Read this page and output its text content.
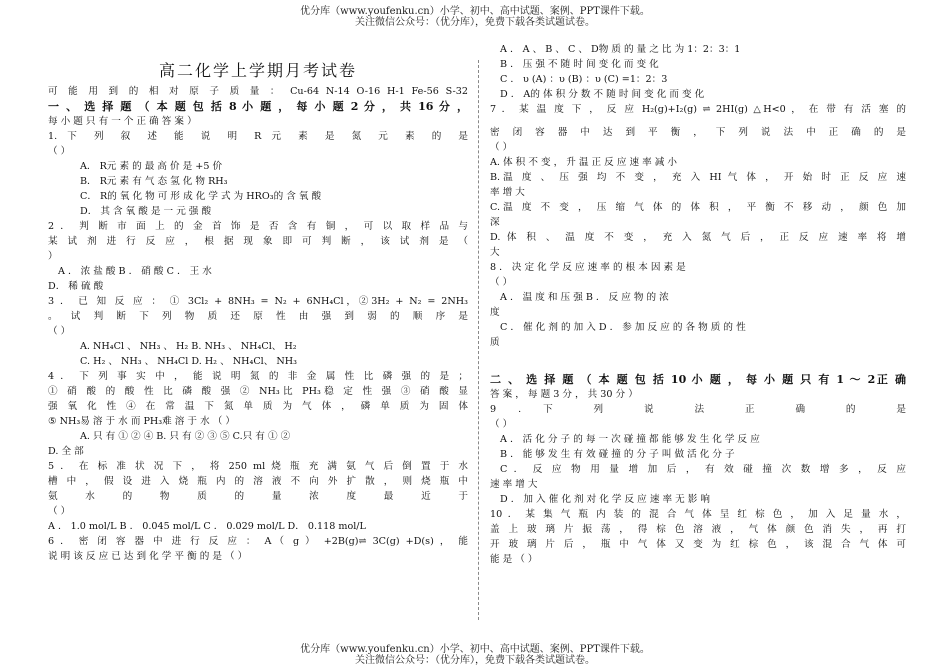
优分库（www.youfenku.cn）小学、初中、高中试题、案例、PPT课件下载。
关注微信公众号：（优分库），免费下载各类试题试卷。
高二化学上学期月考试卷
可 能 用 到 的 相 对 原 子 质 量 ： Cu-64 N-14 O-16 H-1 Fe-56 S-32
一 、 选 择 题 （ 本 题 包 括 8 小 题 ， 每 小 题 2 分 ， 共 16 分 ，
每 小 题 只 有 一 个 正 确 答 案 ）
1. 下 列 叙 述 能 说 明 R 元 素 是 氮 元 素 的 是
（ ）
A． R元 素 的 最 高 价 是 +5 价
B． R元 素 有 气 态 氢 化 物 RH₃
C． R的 氧 化 物 可 形 成 化 学 式 为 HRO₃的 含 氧 酸
D． 其 含 氧 酸 是 一 元 强 酸
2 ． 判 断 市 面 上 的 金 首 饰 是 否 含 有 铜 ， 可 以 取 样 品 与
某 试 剂 进 行 反 应 ， 根 据 现 象 即 可 判 断 ， 该 试 剂 是 （
）
A ． 浓 盐 酸 B ． 硝 酸 C ． 王 水
D． 稀 硫 酸
3 ． 已 知 反 应 ： ① 3Cl₂ + 8NH₃ = N₂ + 6NH₄Cl，②3H₂ + N₂ = 2NH₃
。 试 判 断 下 列 物 质 还 原 性 由 强 到 弱 的 顺 序 是
（ ）
A. NH₄Cl 、 NH₃ 、 H₂ B. NH₃ 、 NH₄Cl、 H₂
C. H₂ 、 NH₃ 、 NH₄Cl D. H₂ 、 NH₄Cl、 NH₃
4 ． 下 列 事 实 中 ， 能 说 明 氮 的 非 金 属 性 比 磷 强 的 是 ；
① 硝 酸 的 酸 性 比 磷 酸 强 ② NH₃比 PH₃稳 定 性 强 ③ 硝 酸 显
强 氧 化 性 ④ 在 常 温 下 氮 单 质 为 气 体 ， 磷 单 质 为 固 体
⑤ NH₃易 溶 于 水 而 PH₃难 溶 于 水 （ ）
A. 只 有 ① ② ④ B. 只 有 ② ③ ⑤ C.只 有 ① ②
D. 全 部
5 ． 在 标 准 状 况 下 ， 将 250 ml 烧 瓶 充 满 氨 气 后 倒 置 于 水
槽 中 ， 假 设 进 入 烧 瓶 内 的 溶 液 不 向 外 扩 散 ， 则 烧 瓶 中
氨 水 的 物 质 的 量 浓 度 最 近 于
（ ）
A ． 1.0 mol/L B ． 0.045 mol/L C ． 0.029 mol/L D． 0.118 mol/L
6 ． 密 闭 容 器 中 进 行 反 应 ： A（ g ） +2B(g)⇌ 3C(g) +D(s) ， 能
说 明 该 反 应 已 达 到 化 学 平 衡 的 是 （ ）
A ． A 、 B 、 C 、 D物 质 的 量 之 比 为 1：2：3：1
B ． 压 强 不 随 时 间 变 化 而 变 化
C ． υ (A) ：υ (B) ：υ (C) =1：2：3
D ． A的 体 积 分 数 不 随 时 间 变 化 而 变 化
7 ． 某 温 度 下 ， 反 应 H₂(g)+I₂(g) ⇌ 2HI(g) △H<0 ， 在 带 有 活 塞 的
密 闭 容 器 中 达 到 平 衡 ， 下 列 说 法 中 正 确 的 是
（ ）
A. 体 积 不 变 ， 升 温 正 反 应 速 率 减 小
B.温 度 、 压 强 均 不 变 ， 充 入 HI 气 体 ， 开 始 时 正 反 应 速
率 增 大
C.温 度 不 变 ， 压 缩 气 体 的 体 积 ， 平 衡 不 移 动 ， 颜 色 加
深
D. 体 积 、 温 度 不 变 ， 充 入 氮 气 后 ， 正 反 应 速 率 将 增
大
8 ． 决 定 化 学 反 应 速 率 的 根 本 因 素 是
（ ）
A ． 温 度 和 压 强 B ． 反 应 物 的 浓
度
C ． 催 化 剂 的 加 入 D ． 参 加 反 应 的 各 物 质 的 性
质
二 、 选 择 题 （ 本 题 包 括 10 小 题 ， 每 小 题 只 有 1 ～ 2正 确
答 案 ， 每 题 3 分 ， 共 30 分 ）
9 . 下 列 说 法 正 确 的 是
（ ）
A ． 活 化 分 子 的 每 一 次 碰 撞 都 能 够 发 生 化 学 反 应
B ． 能 够 发 生 有 效 碰 撞 的 分 子 叫 做 活 化 分 子
C ． 反 应 物 用 量 增 加 后 ， 有 效 碰 撞 次 数 增 多 ， 反 应
速 率 增 大
D ． 加 入 催 化 剂 对 化 学 反 应 速 率 无 影 响
10 ． 某 集 气 瓶 内 装 的 混 合 气 体 呈 红 棕 色 ， 加 入 足 量 水 ，
盖 上 玻 璃 片 振 荡 ， 得 棕 色 溶 液 ， 气 体 颜 色 消 失 ， 再 打
开 玻 璃 片 后 ， 瓶 中 气 体 又 变 为 红 棕 色 ， 该 混 合 气 体 可
能 是 （ ）
优分库（www.youfenku.cn）小学、初中、高中试题、案例、PPT课件下载。
关注微信公众号：（优分库），免费下载各类试题试卷。
